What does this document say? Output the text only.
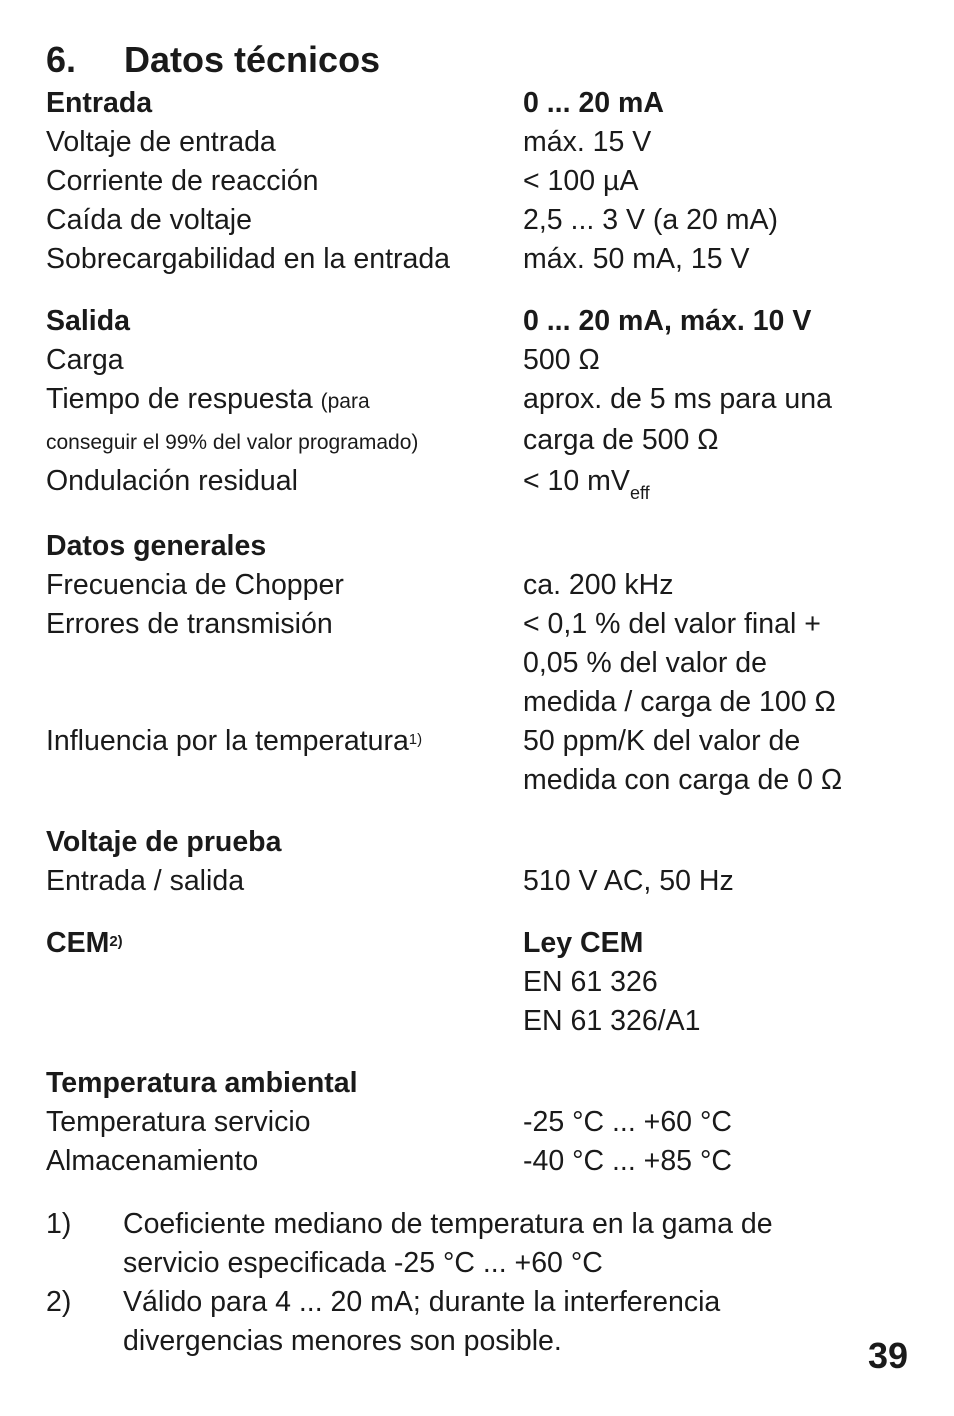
6. Datos técnicos
Entrada	0 ... 20 mA
Voltaje de entrada	máx. 15 V
Corriente de reacción	< 100 µA
Caída de voltaje	2,5 ... 3 V (a 20 mA)
Sobrecargabilidad en la entrada	máx. 50 mA, 15 V
Salida	0 ... 20 mA, máx. 10 V
Carga	500 Ω
Tiempo de respuesta (para	aprox. de 5 ms para una
conseguir el 99% del valor programado)	carga de 500 Ω
Ondulación residual	< 10 $mV_{eff}$
Datos generales
Frecuencia de Chopper	ca. 200 kHz
Errores de transmisión	< 0,1 % del valor final +
0,05 % del valor de
medida / carga de 100 Ω
Influencia por la temperatura$^{1)}$	50 ppm/K del valor de
medida con carga de 0 Ω
Voltaje de prueba
Entrada / salida	510 V AC, 50 Hz
CEM$^{2)}$	Ley CEM
EN 61 326
EN 61 326/A1
Temperatura ambiental
Temperatura servicio	-25 °C ... +60 °C
Almacenamiento	-40 °C ... +85 °C
1)	Coeficiente mediano de temperatura en la gama de
servicio especificada -25 °C ... +60 °C
2)	Válido para 4 ... 20 mA; durante la interferencia
divergencias menores son posible.	39
